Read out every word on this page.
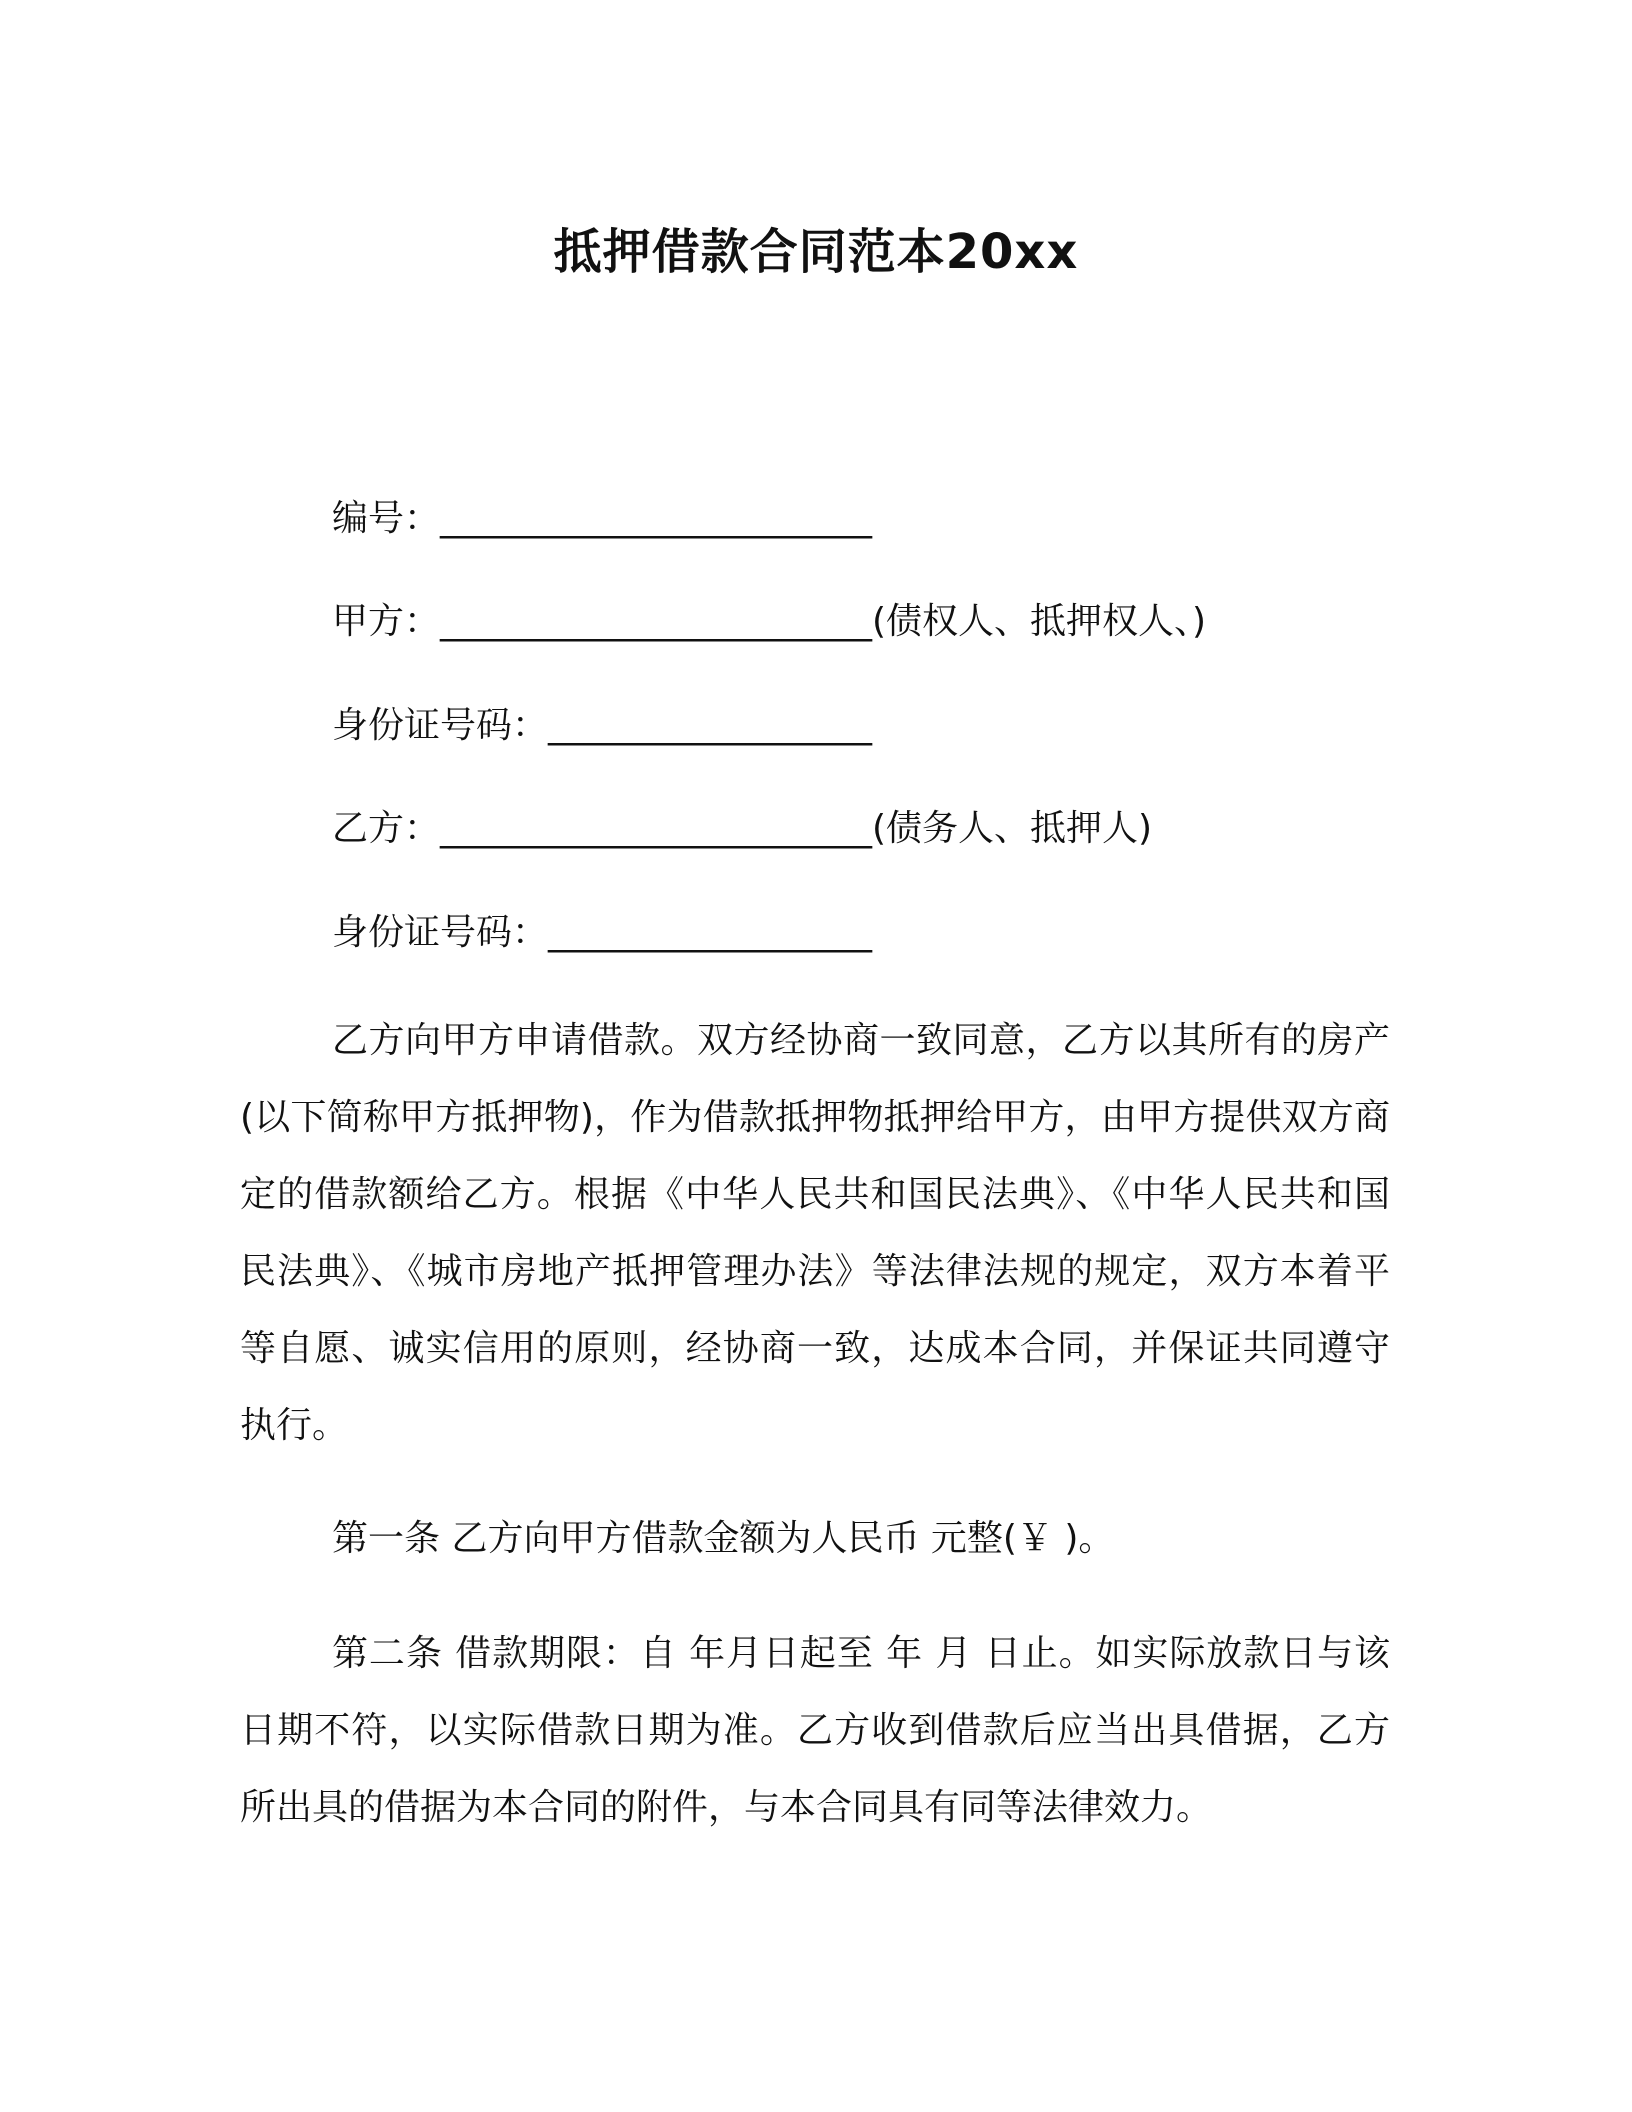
抵押借款合同范本20xx
编号：________________________
甲方：________________________(债权人、抵押权人、)
身份证号码：__________________
乙方：________________________(债务人、抵押人)
身份证号码：__________________
乙方向甲方申请借款。双方经协商一致同意，乙方以其所有的房产(以下简称甲方抵押物)，作为借款抵押物抵押给甲方，由甲方提供双方商定的借款额给乙方。根据《中华人民共和国民法典》、《中华人民共和国民法典》、《城市房地产抵押管理办法》等法律法规的规定，双方本着平等自愿、诚实信用的原则，经协商一致，达成本合同，并保证共同遵守执行。
第一条 乙方向甲方借款金额为人民币 元整(￥ )。
第二条 借款期限：自 年月日起至 年 月 日止。如实际放款日与该日期不符，以实际借款日期为准。乙方收到借款后应当出具借据，乙方所出具的借据为本合同的附件，与本合同具有同等法律效力。
